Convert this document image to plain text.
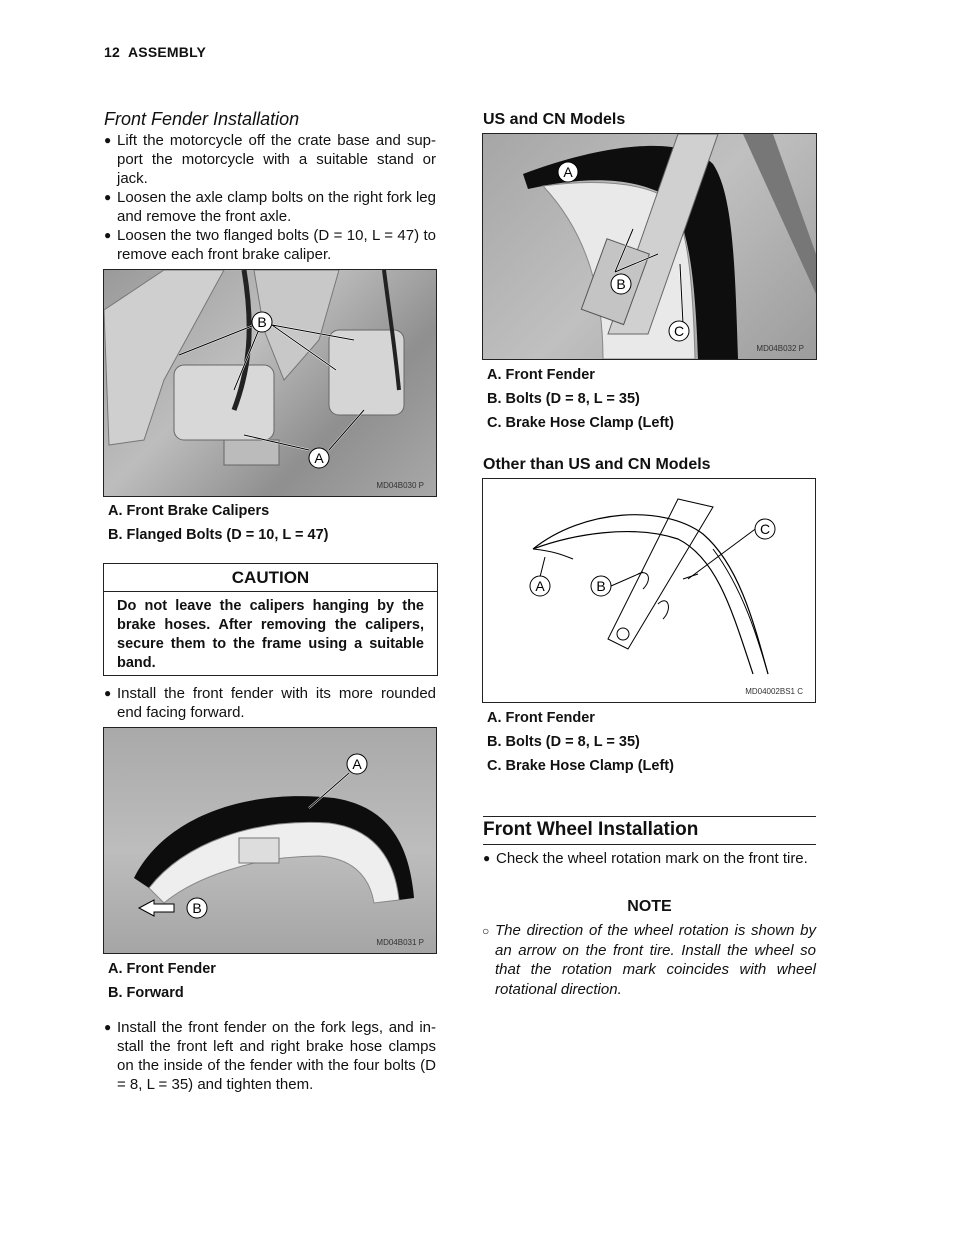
12 ASSEMBLY
Front Fender Installation
● Lift the motorcycle off the crate base and sup-port the motorcycle with a suitable stand or jack.
● Loosen the axle clamp bolts on the right fork leg and remove the front axle.
● Loosen the two flanged bolts (D = 10, L = 47) to remove each front brake caliper.
B
A
MD04B030 P
A. Front Brake Calipers
B. Flanged Bolts (D = 10, L = 47)
CAUTION
Do not leave the calipers hanging by the brake hoses. After removing the calipers, secure them to the frame using a suitable band.
● Install the front fender with its more rounded end facing forward.
A
B
MD04B031 P
A. Front Fender
B. Forward
● Install the front fender on the fork legs, and in-stall the front left and right brake hose clamps on the inside of the fender with the four bolts (D = 8, L = 35) and tighten them.
US and CN Models
A
B
C
MD04B032 P
A. Front Fender
B. Bolts (D = 8, L = 35)
C. Brake Hose Clamp (Left)
Other than US and CN Models
A	B
C
MD04002BS1 C
A. Front Fender
B. Bolts (D = 8, L = 35)
C. Brake Hose Clamp (Left)
Front Wheel Installation
● Check the wheel rotation mark on the front tire.
NOTE
○ The direction of the wheel rotation is shown by an arrow on the front tire. Install the wheel so that the rotation mark coincides with wheel rotational direction.
